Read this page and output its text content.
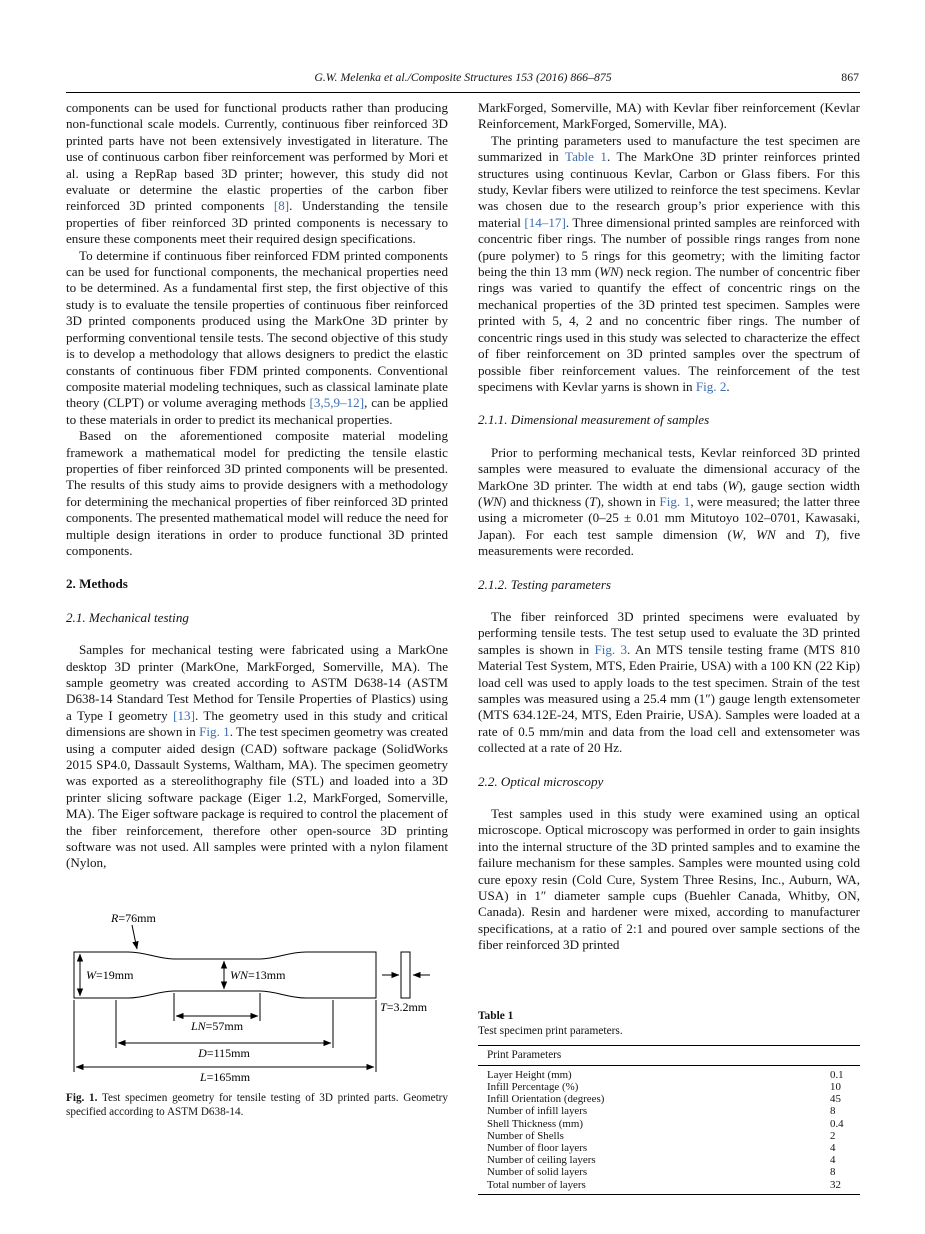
G.W. Melenka et al./Composite Structures 153 (2016) 866–875	867

components can be used for functional products rather than producing non-functional scale models. Currently, continuous fiber reinforced 3D printed parts have not been extensively investigated in literature. The use of continuous carbon fiber reinforcement was performed by Mori et al. using a RepRap based 3D printer; however, this study did not evaluate or determine the elastic properties of the carbon fiber reinforced 3D printed components [8]. Understanding the tensile properties of fiber reinforced 3D printed components is necessary to ensure these components meet their required design specifications.

To determine if continuous fiber reinforced FDM printed components can be used for functional components, the mechanical properties need to be determined. As a fundamental first step, the first objective of this study is to evaluate the tensile properties of continuous fiber reinforced 3D printed components produced using the MarkOne 3D printer by performing conventional tensile tests. The second objective of this study is to develop a methodology that allows designers to predict the elastic constants of continuous fiber FDM printed components. Conventional composite material modeling techniques, such as classical laminate plate theory (CLPT) or volume averaging methods [3,5,9–12], can be applied to these materials in order to predict its mechanical properties.

Based on the aforementioned composite material modeling framework a mathematical model for predicting the tensile elastic properties of fiber reinforced 3D printed components will be presented. The results of this study aims to provide designers with a methodology for determining the mechanical properties of fiber reinforced 3D printed components. The presented mathematical model will reduce the need for multiple design iterations in order to produce functional 3D printed components.

2. Methods
2.1. Mechanical testing

Samples for mechanical testing were fabricated using a MarkOne desktop 3D printer (MarkOne, MarkForged, Somerville, MA). The sample geometry was created according to ASTM D638-14 (ASTM D638-14 Standard Test Method for Tensile Properties of Plastics) using a Type I geometry [13]. The geometry used in this study and critical dimensions are shown in Fig. 1. The test specimen geometry was created using a computer aided design (CAD) software package (SolidWorks 2015 SP4.0, Dassault Systems, Waltham, MA). The specimen geometry was exported as a stereolithography file (STL) and loaded into a 3D printer slicing software package (Eiger 1.2, MarkForged, Somerville, MA). The Eiger software package is required to control the placement of the fiber reinforcement, therefore other open-source 3D printing software was not used. All samples were printed with a nylon filament (Nylon,

R=76mm
W=19mm	WN=13mm
T=3.2mm
LN=57mm
D=115mm
L=165mm
Fig. 1. Test specimen geometry for tensile testing of 3D printed parts. Geometry specified according to ASTM D638-14.

MarkForged, Somerville, MA) with Kevlar fiber reinforcement (Kevlar Reinforcement, MarkForged, Somerville, MA).

The printing parameters used to manufacture the test specimen are summarized in Table 1. The MarkOne 3D printer reinforces printed structures using continuous Kevlar, Carbon or Glass fibers. For this study, Kevlar fibers were utilized to reinforce the test specimens. Kevlar was chosen due to the research group’s prior experience with this material [14–17]. Three dimensional printed samples are reinforced with concentric fiber rings. The number of possible rings ranges from none (pure polymer) to 5 rings for this geometry; with the limiting factor being the thin 13 mm (WN) neck region. The number of concentric fiber rings was varied to quantify the effect of concentric rings on the mechanical properties of the 3D printed test specimen. Samples were printed with 5, 4, 2 and no concentric fiber rings. The number of concentric rings used in this study was selected to characterize the effect of fiber reinforcement on 3D printed samples over the spectrum of possible fiber reinforcement values. The reinforcement of the test specimens with Kevlar yarns is shown in Fig. 2.

2.1.1. Dimensional measurement of samples

Prior to performing mechanical tests, Kevlar reinforced 3D printed samples were measured to evaluate the dimensional accuracy of the MarkOne 3D printer. The width at end tabs (W), gauge section width (WN) and thickness (T), shown in Fig. 1, were measured; the latter three using a micrometer (0–25 ± 0.01 mm Mitutoyo 102–0701, Kawasaki, Japan). For each test sample dimension (W, WN and T), five measurements were recorded.

2.1.2. Testing parameters

The fiber reinforced 3D printed specimens were evaluated by performing tensile tests. The test setup used to evaluate the 3D printed samples is shown in Fig. 3. An MTS tensile testing frame (MTS 810 Material Test System, MTS, Eden Prairie, USA) with a 100 KN (22 Kip) load cell was used to apply loads to the test specimen. Strain of the test samples was measured using a 25.4 mm (1″) gauge length extensometer (MTS 634.12E-24, MTS, Eden Prairie, USA). Samples were loaded at a rate of 0.5 mm/min and data from the load cell and extensometer was collected at a rate of 20 Hz.

2.2. Optical microscopy

Test samples used in this study were examined using an optical microscope. Optical microscopy was performed in order to gain insights into the internal structure of the 3D printed samples and to examine the failure mechanism for these samples. Samples were mounted using cold cure epoxy resin (Cold Cure, System Three Resins, Inc., Auburn, WA, USA) in 1″ diameter sample cups (Buehler Canada, Whitby, ON, Canada). Resin and hardener were mixed, according to manufacturer specifications, at a ratio of 2:1 and poured over sample sections of the fiber reinforced 3D printed

Table 1

Test specimen print parameters.

Print Parameters	
Layer Height (mm)	0.1
Infill Percentage (%)	10
Infill Orientation (degrees)	45
Number of infill layers	8
Shell Thickness (mm)	0.4
Number of Shells	2
Number of floor layers	4
Number of ceiling layers	4
Number of solid layers	8
Total number of layers	32
